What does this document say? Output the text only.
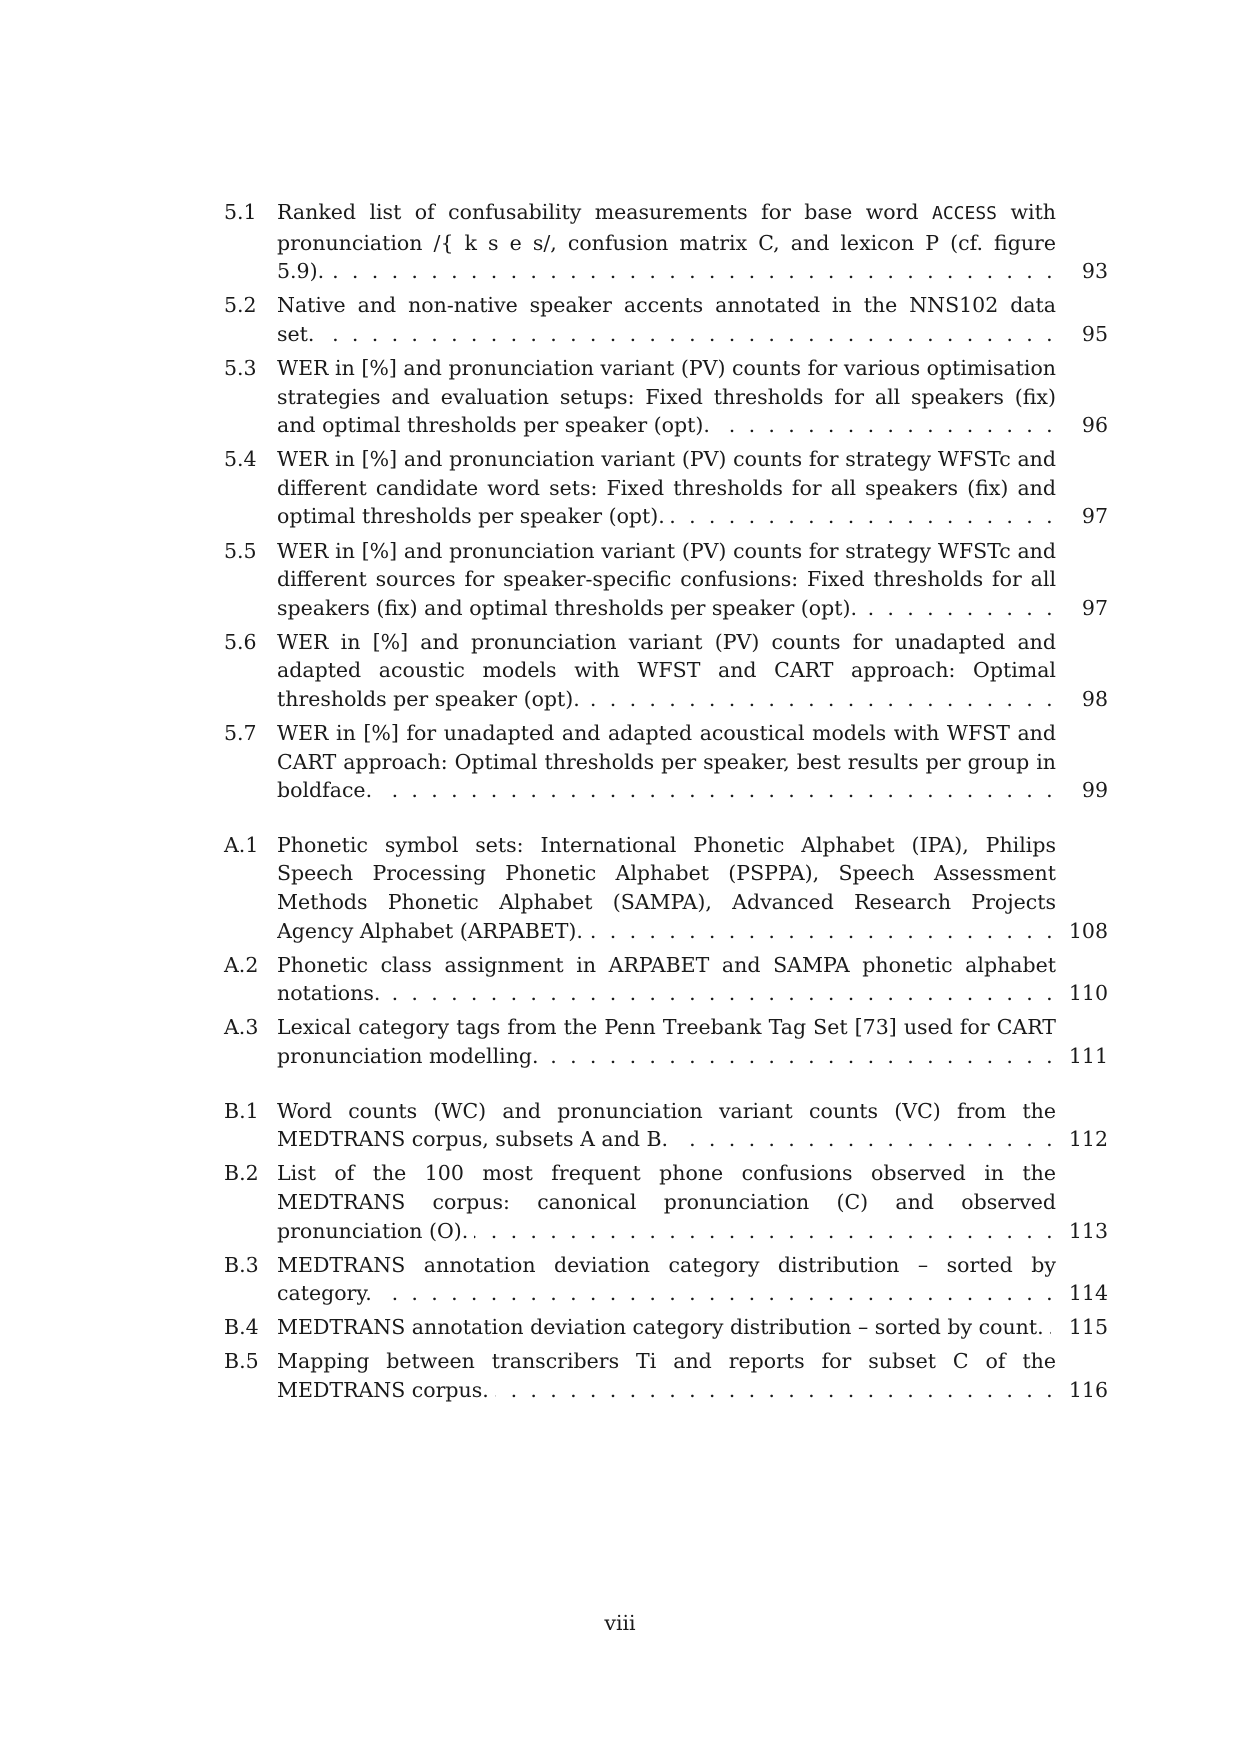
5.1 Ranked list of confusability measurements for base word ACCESS with pronunciation /{ k s e s/, confusion matrix C, and lexicon P (cf. figure 5.9). . . .	93
5.2 Native and non-native speaker accents annotated in the NNS102 data set. . . .	95
5.3 WER in [%] and pronunciation variant (PV) counts for various optimisation strategies and evaluation setups: Fixed thresholds for all speakers (fix) and optimal thresholds per speaker (opt). . . .	96
5.4 WER in [%] and pronunciation variant (PV) counts for strategy WFSTc and different candidate word sets: Fixed thresholds for all speakers (fix) and optimal thresholds per speaker (opt). . . .	97
5.5 WER in [%] and pronunciation variant (PV) counts for strategy WFSTc and different sources for speaker-specific confusions: Fixed thresholds for all speakers (fix) and optimal thresholds per speaker (opt). . . .	97
5.6 WER in [%] and pronunciation variant (PV) counts for unadapted and adapted acoustic models with WFST and CART approach: Optimal thresholds per speaker (opt). . . .	98
5.7 WER in [%] for unadapted and adapted acoustical models with WFST and CART approach: Optimal thresholds per speaker, best results per group in boldface. . . .	99
A.1 Phonetic symbol sets: International Phonetic Alphabet (IPA), Philips Speech Processing Phonetic Alphabet (PSPPA), Speech Assessment Methods Phonetic Alphabet (SAMPA), Advanced Research Projects Agency Alphabet (ARPABET). . . .	108
A.2 Phonetic class assignment in ARPABET and SAMPA phonetic alphabet notations. . . .	110
A.3 Lexical category tags from the Penn Treebank Tag Set [73] used for CART pronunciation modelling. . . .	111
B.1 Word counts (WC) and pronunciation variant counts (VC) from the MEDTRANS corpus, subsets A and B. . . .	112
B.2 List of the 100 most frequent phone confusions observed in the MEDTRANS corpus: canonical pronunciation (C) and observed pronunciation (O). . . .	113
B.3 MEDTRANS annotation deviation category distribution – sorted by category. . . .	114
B.4 MEDTRANS annotation deviation category distribution – sorted by count. . . .	115
B.5 Mapping between transcribers Ti and reports for subset C of the MEDTRANS corpus. . . .	116
viii
